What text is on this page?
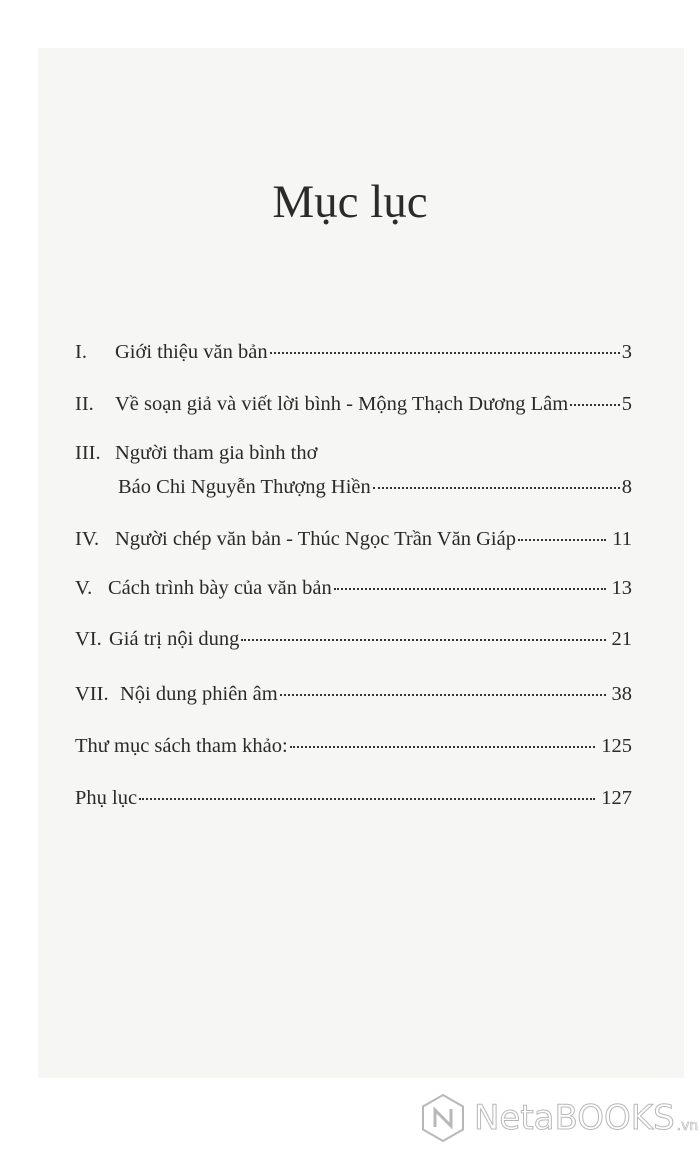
Mục lục
I.	Giới thiệu văn bản	3
II.	Về soạn giả và viết lời bình - Mộng Thạch Dương Lâm	5
III. Người tham gia bình thơ
Báo Chi Nguyễn Thượng Hiền	8
IV. Người chép văn bản - Thúc Ngọc Trần Văn Giáp	11
V. Cách trình bày của văn bản	13
VI. Giá trị nội dung	21
VII. Nội dung phiên âm	38
Thư mục sách tham khảo:	125
Phụ lục	127
NetaBOOKS .vn
